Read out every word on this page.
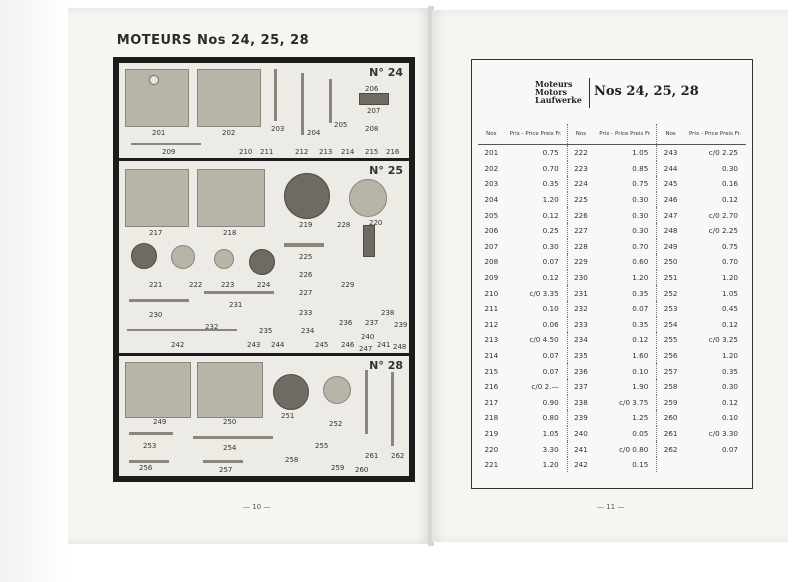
MOTEURS Nos 24, 25, 28
N° 24
201	202	203	204
205
206
207
208
209	210 211	212 213 214 215 216
N° 25
217	218
219	220
221	222	223	224
225
226
227
228
229
230
231
232
233
234
235
236 237
238
239
240
241
242	243 244	245 246 247	248
N° 28
249	250
251
252
253	254	255
256	257
258
259 260
261 262
— 10 —
Moteurs
Motors
Laufwerke
Nos 24, 25, 28
Nos	Prix - Price Preis Fr.	Nos	Prix - Price Preis Fr.	Nos	Prix - Price Preis Fr.
201	0.75	222	1.05	243	c/0 2.25
202	0.70	223	0.85	244	0.30
203	0.35	224	0.75	245	0.16
204	1.20	225	0.30	246	0.12
205	0.12	226	0.30	247	c/0 2.70
206	0.25	227	0.30	248	c/0 2.25
207	0.30	228	0.70	249	0.75
208	0.07	229	0.60	250	0.70
209	0.12	230	1.20	251	1.20
210	c/0 3.35	231	0.35	252	1.05
211	0.10	232	0.07	253	0.45
212	0.06	233	0.35	254	0.12
213	c/0 4.50	234	0.12	255	c/0 3.25
214	0.07	235	1.60	256	1.20
215	0.07	236	0.10	257	0.35
216	c/0 2.—	237	1.90	258	0.30
217	0.90	238	c/0 3.75	259	0.12
218	0.80	239	1.25	260	0.10
219	1.05	240	0.05	261	c/0 3.30
220	3.30	241	c/0 0.80	262	0.07
221	1.20	242	0.15		
— 11 —
